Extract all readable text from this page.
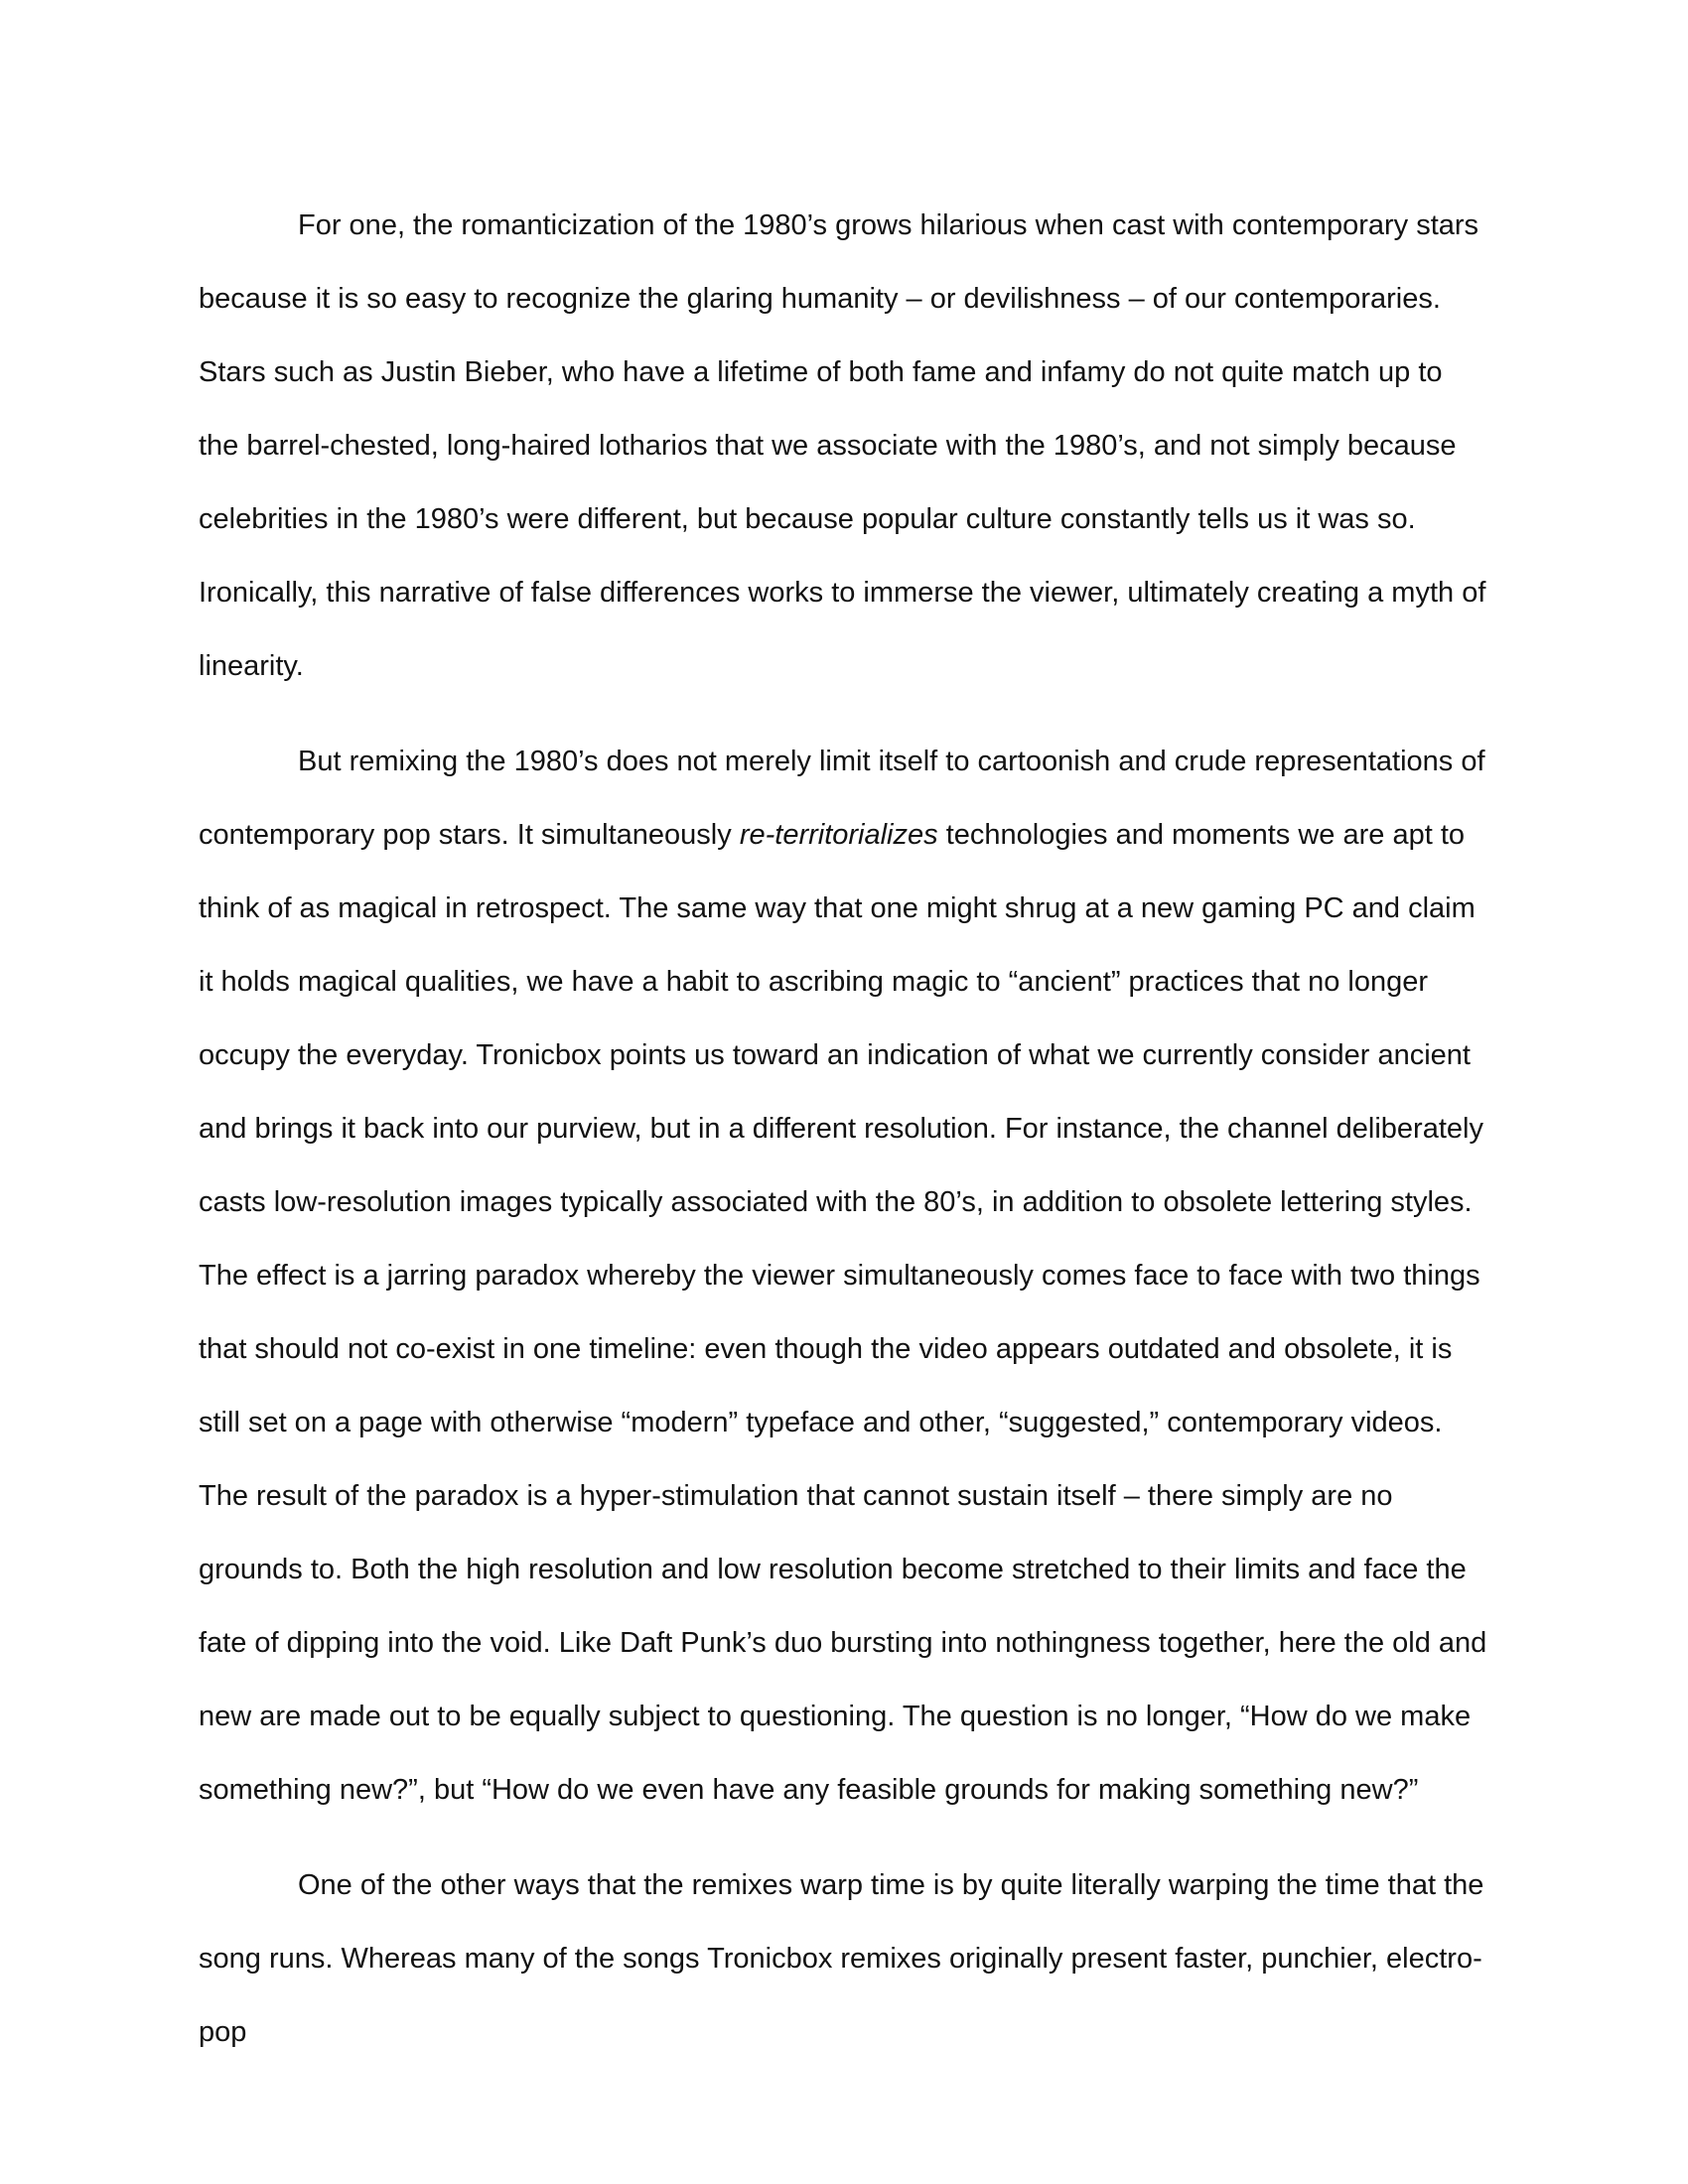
For one, the romanticization of the 1980’s grows hilarious when cast with contemporary stars because it is so easy to recognize the glaring humanity – or devilishness – of our contemporaries. Stars such as Justin Bieber, who have a lifetime of both fame and infamy do not quite match up to the barrel-chested, long-haired lotharios that we associate with the 1980’s, and not simply because celebrities in the 1980’s were different, but because popular culture constantly tells us it was so. Ironically, this narrative of false differences works to immerse the viewer, ultimately creating a myth of linearity.

But remixing the 1980’s does not merely limit itself to cartoonish and crude representations of contemporary pop stars. It simultaneously re-territorializes technologies and moments we are apt to think of as magical in retrospect. The same way that one might shrug at a new gaming PC and claim it holds magical qualities, we have a habit to ascribing magic to “ancient” practices that no longer occupy the everyday. Tronicbox points us toward an indication of what we currently consider ancient and brings it back into our purview, but in a different resolution. For instance, the channel deliberately casts low-resolution images typically associated with the 80’s, in addition to obsolete lettering styles. The effect is a jarring paradox whereby the viewer simultaneously comes face to face with two things that should not co-exist in one timeline: even though the video appears outdated and obsolete, it is still set on a page with otherwise “modern” typeface and other, “suggested,” contemporary videos. The result of the paradox is a hyper-stimulation that cannot sustain itself – there simply are no grounds to. Both the high resolution and low resolution become stretched to their limits and face the fate of dipping into the void. Like Daft Punk’s duo bursting into nothingness together, here the old and new are made out to be equally subject to questioning. The question is no longer, “How do we make something new?”, but “How do we even have any feasible grounds for making something new?”

One of the other ways that the remixes warp time is by quite literally warping the time that the song runs. Whereas many of the songs Tronicbox remixes originally present faster, punchier, electro-pop
